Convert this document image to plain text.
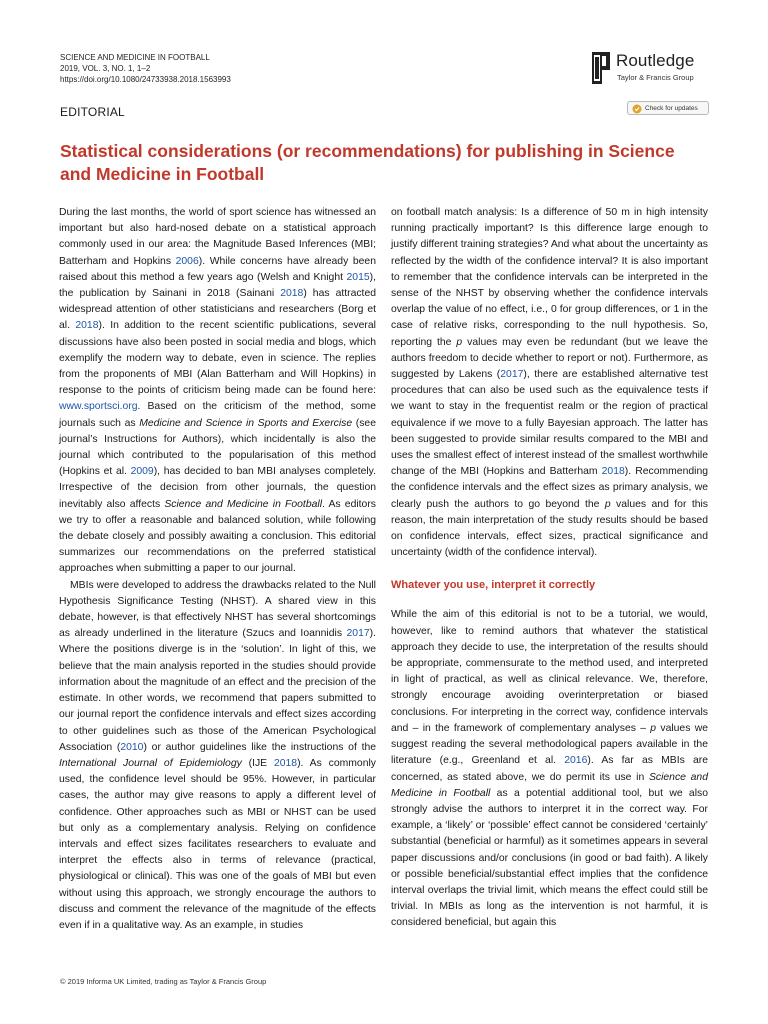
SCIENCE AND MEDICINE IN FOOTBALL
2019, VOL. 3, NO. 1, 1–2
https://doi.org/10.1080/24733938.2018.1563993
Routledge
Taylor & Francis Group
EDITORIAL	Check for updates
Statistical considerations (or recommendations) for publishing in Science and Medicine in Football

During the last months, the world of sport science has witnessed an important but also hard-nosed debate on a statistical approach commonly used in our area: the Magnitude Based Inferences (MBI; Batterham and Hopkins 2006). While concerns have already been raised about this method a few years ago (Welsh and Knight 2015), the publication by Sainani in 2018 (Sainani 2018) has attracted widespread attention of other statisticians and researchers (Borg et al. 2018). In addition to the recent scientific publications, several discussions have also been posted in social media and blogs, which exemplify the modern way to debate, even in science. The replies from the proponents of MBI (Alan Batterham and Will Hopkins) in response to the points of criticism being made can be found here: www.sportsci.org. Based on the criticism of the method, some journals such as Medicine and Science in Sports and Exercise (see journal’s Instructions for Authors), which incidentally is also the journal which contributed to the popularisation of this method (Hopkins et al. 2009), has decided to ban MBI analyses completely. Irrespective of the decision from other journals, the question inevitably also affects Science and Medicine in Football. As editors we try to offer a reasonable and balanced solution, while following the debate closely and possibly awaiting a conclusion. This editorial summarizes our recommendations on the preferred statistical approaches when submitting a paper to our journal.

MBIs were developed to address the drawbacks related to the Null Hypothesis Significance Testing (NHST). A shared view in this debate, however, is that effectively NHST has several shortcomings as already underlined in the literature (Szucs and Ioannidis 2017). Where the positions diverge is in the ‘solution’. In light of this, we believe that the main analysis reported in the studies should provide information about the magnitude of an effect and the precision of the estimate. In other words, we recommend that papers submitted to our journal report the confidence intervals and effect sizes according to other guidelines such as those of the American Psychological Association (2010) or author guidelines like the instructions of the International Journal of Epidemiology (IJE 2018). As commonly used, the confidence level should be 95%. However, in particular cases, the author may give reasons to apply a different level of confidence. Other approaches such as MBI or NHST can be used but only as a complementary analysis. Relying on confidence intervals and effect sizes facilitates researchers to evaluate and interpret the effects also in terms of relevance (practical, physiological or clinical). This was one of the goals of MBI but even without using this approach, we strongly encourage the authors to discuss and comment the relevance of the magnitude of the effects even if in a qualitative way. As an example, in studies

on football match analysis: Is a difference of 50 m in high intensity running practically important? Is this difference large enough to justify different training strategies? And what about the uncertainty as reflected by the width of the confidence interval? It is also important to remember that the confidence intervals can be interpreted in the sense of the NHST by observing whether the confidence intervals overlap the value of no effect, i.e., 0 for group differences, or 1 in the case of relative risks, corresponding to the null hypothesis. So, reporting the p values may even be redundant (but we leave the authors freedom to decide whether to report or not). Furthermore, as suggested by Lakens (2017), there are established alternative test procedures that can also be used such as the equivalence tests if we want to stay in the frequentist realm or the region of practical equivalence if we move to a fully Bayesian approach. The latter has been suggested to provide similar results compared to the MBI and uses the smallest effect of interest instead of the smallest worthwhile change of the MBI (Hopkins and Batterham 2018). Recommending the confidence intervals and the effect sizes as primary analysis, we clearly push the authors to go beyond the p values and for this reason, the main interpretation of the study results should be based on confidence intervals, effect sizes, practical significance and uncertainty (width of the confidence interval).

Whatever you use, interpret it correctly

While the aim of this editorial is not to be a tutorial, we would, however, like to remind authors that whatever the statistical approach they decide to use, the interpretation of the results should be appropriate, commensurate to the method used, and interpreted in light of practical, as well as clinical relevance. We, therefore, strongly encourage avoiding overinterpretation or biased conclusions. For interpreting in the correct way, confidence intervals and – in the framework of complementary analyses – p values we suggest reading the several methodological papers available in the literature (e.g., Greenland et al. 2016). As far as MBIs are concerned, as stated above, we do permit its use in Science and Medicine in Football as a potential additional tool, but we also strongly advise the authors to interpret it in the correct way. For example, a ‘likely’ or ‘possible’ effect cannot be considered ‘certainly’ substantial (beneficial or harmful) as it sometimes appears in several paper discussions and/or conclusions (in good or bad faith). A likely or possible beneficial/substantial effect implies that the confidence interval overlaps the trivial limit, which means the effect could still be trivial. In MBIs as long as the intervention is not harmful, it is considered beneficial, but again this

© 2019 Informa UK Limited, trading as Taylor & Francis Group
